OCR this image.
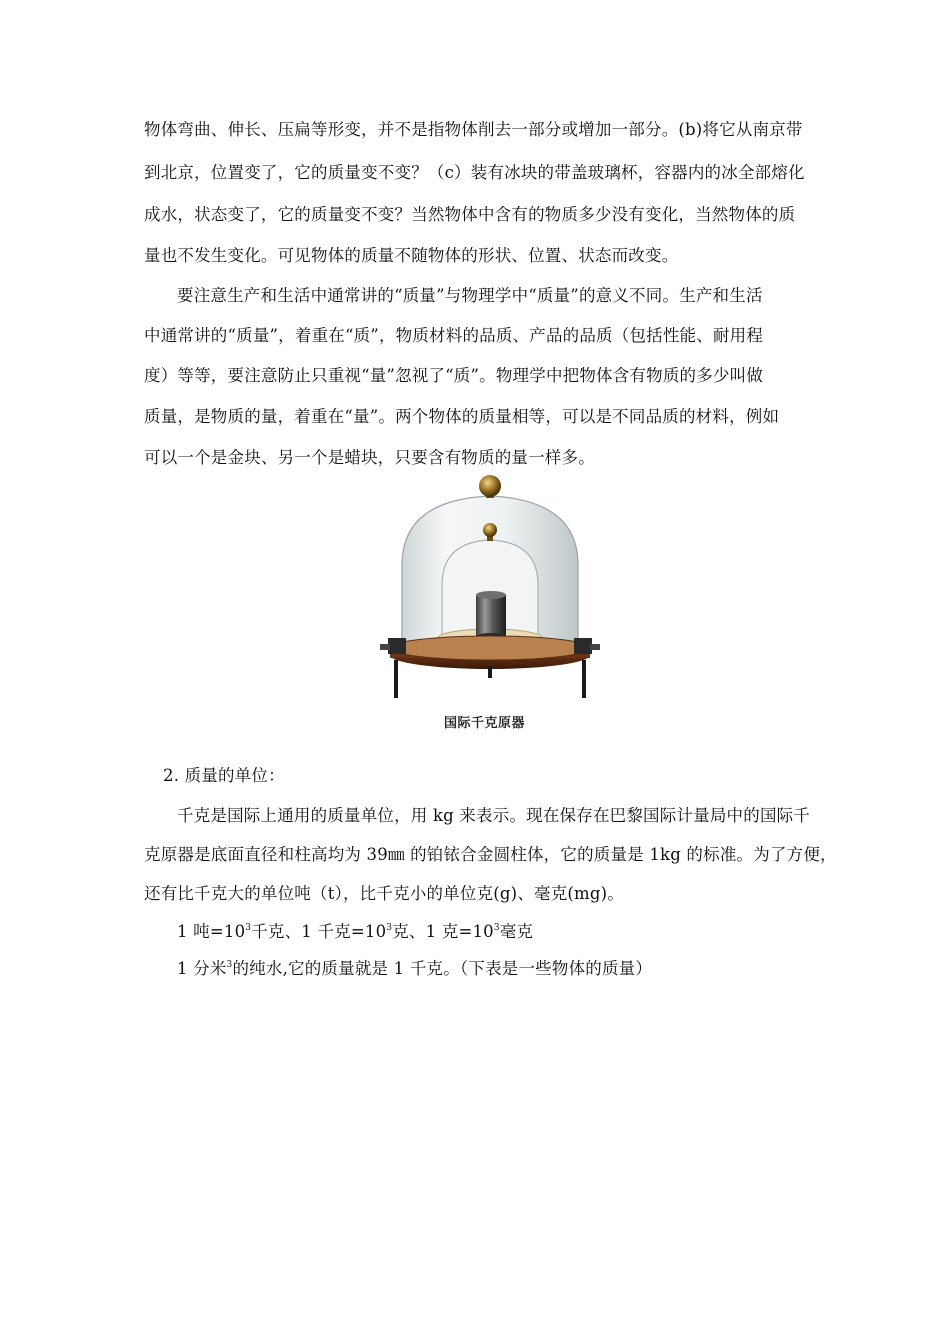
物体弯曲、伸长、压扁等形变，并不是指物体削去一部分或增加一部分。(b)将它从南京带
到北京，位置变了，它的质量变不变？（c）装有冰块的带盖玻璃杯，容器内的冰全部熔化
成水，状态变了，它的质量变不变？当然物体中含有的物质多少没有变化，当然物体的质
量也不发生变化。可见物体的质量不随物体的形状、位置、状态而改变。
要注意生产和生活中通常讲的“质量”与物理学中“质量”的意义不同。生产和生活
中通常讲的“质量”，着重在“质”，物质材料的品质、产品的品质（包括性能、耐用程
度）等等，要注意防止只重视“量”忽视了“质”。物理学中把物体含有物质的多少叫做
质量，是物质的量，着重在“量”。两个物体的质量相等，可以是不同品质的材料，例如
可以一个是金块、另一个是蜡块，只要含有物质的量一样多。
国际千克原器
2. 质量的单位：
千克是国际上通用的质量单位，用 kg 来表示。现在保存在巴黎国际计量局中的国际千
克原器是底面直径和柱高均为 39㎜ 的铂铱合金圆柱体，它的质量是 1kg 的标准。为了方便，
还有比千克大的单位吨（t），比千克小的单位克(g)、毫克(mg)。
1 吨$=10^3$千克、1 千克$=10^3$克、1 克$=10^3$毫克
1 分米$^3$的纯水,它的质量就是 1 千克。（下表是一些物体的质量）
